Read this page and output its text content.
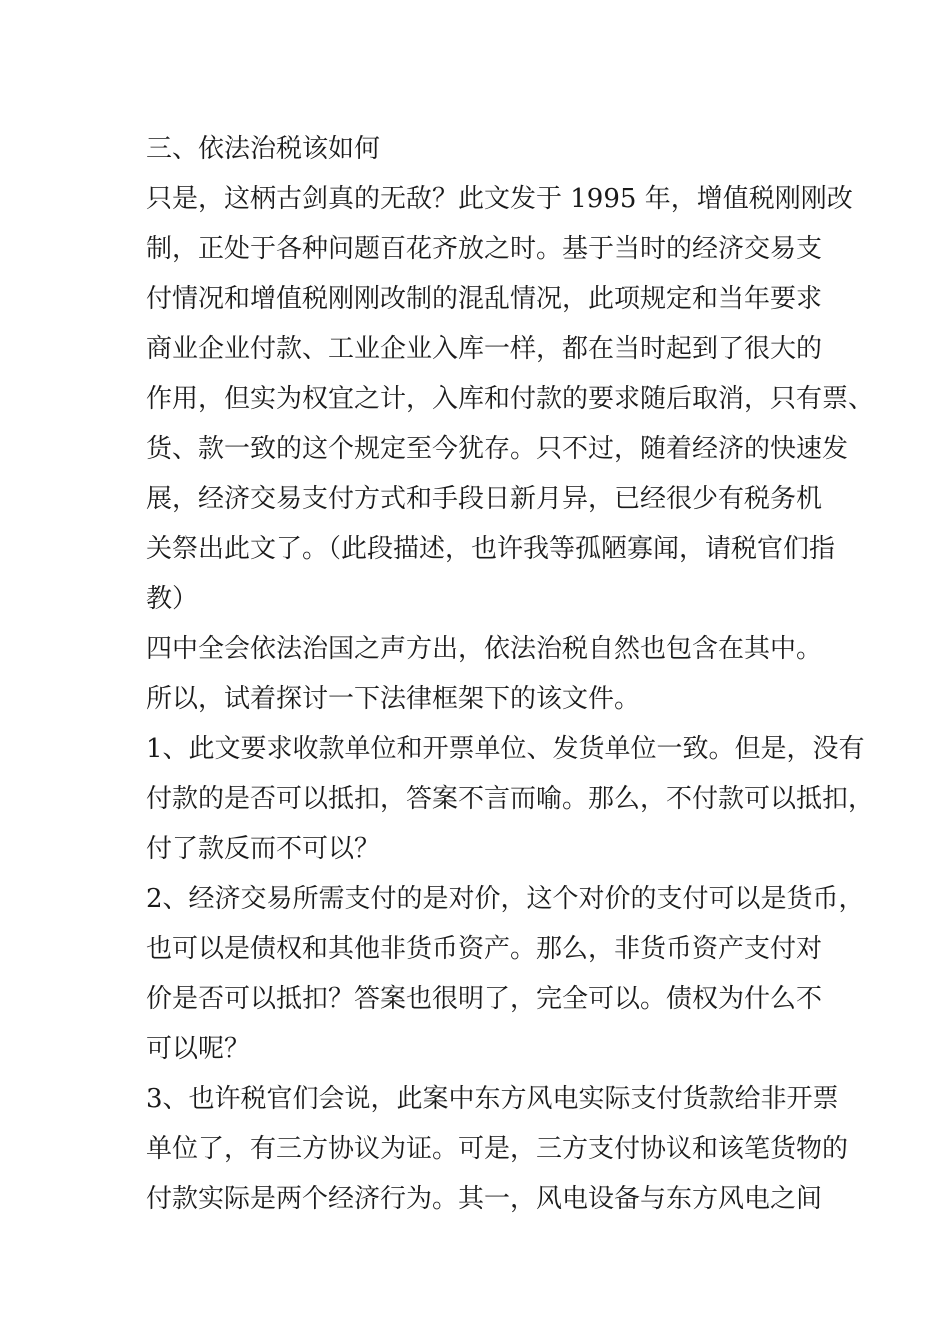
三、依法治税该如何
只是，这柄古剑真的无敌？此文发于 1995 年，增值税刚刚改
制，正处于各种问题百花齐放之时。基于当时的经济交易支
付情况和增值税刚刚改制的混乱情况，此项规定和当年要求
商业企业付款、工业企业入库一样，都在当时起到了很大的
作用，但实为权宜之计，入库和付款的要求随后取消，只有票、
货、款一致的这个规定至今犹存。只不过，随着经济的快速发
展，经济交易支付方式和手段日新月异，已经很少有税务机
关祭出此文了。（此段描述，也许我等孤陋寡闻，请税官们指
教）
四中全会依法治国之声方出，依法治税自然也包含在其中。
所以，试着探讨一下法律框架下的该文件。
1、此文要求收款单位和开票单位、发货单位一致。但是，没有
付款的是否可以抵扣，答案不言而喻。那么，不付款可以抵扣，
付了款反而不可以？
2、经济交易所需支付的是对价，这个对价的支付可以是货币，
也可以是债权和其他非货币资产。那么，非货币资产支付对
价是否可以抵扣？答案也很明了，完全可以。债权为什么不
可以呢？
3、也许税官们会说，此案中东方风电实际支付货款给非开票
单位了，有三方协议为证。可是，三方支付协议和该笔货物的
付款实际是两个经济行为。其一，风电设备与东方风电之间
